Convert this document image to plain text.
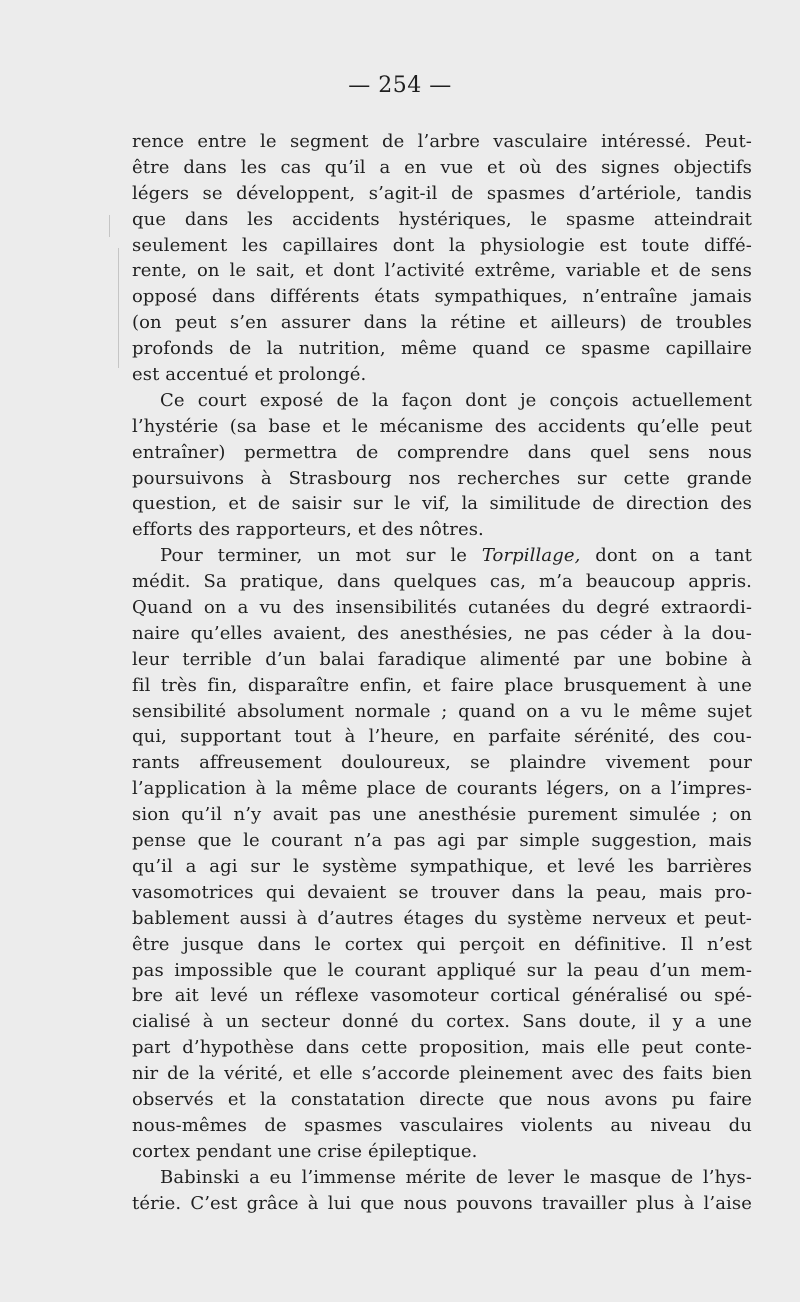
— 254 —
rence entre le segment de l’arbre vasculaire intéressé. Peut-
être dans les cas qu’il a en vue et où des signes objectifs
légers se développent, s’agit-il de spasmes d’artériole, tandis
que dans les accidents hystériques, le spasme atteindrait
seulement les capillaires dont la physiologie est toute diffé-
rente, on le sait, et dont l’activité extrême, variable et de sens
opposé dans différents états sympathiques, n’entraîne jamais
(on peut s’en assurer dans la rétine et ailleurs) de troubles
profonds de la nutrition, même quand ce spasme capillaire
est accentué et prolongé.
Ce court exposé de la façon dont je conçois actuellement
l’hystérie (sa base et le mécanisme des accidents qu’elle peut
entraîner) permettra de comprendre dans quel sens nous
poursuivons à Strasbourg nos recherches sur cette grande
question, et de saisir sur le vif, la similitude de direction des
efforts des rapporteurs, et des nôtres.
Pour terminer, un mot sur le Torpillage, dont on a tant
médit. Sa pratique, dans quelques cas, m’a beaucoup appris.
Quand on a vu des insensibilités cutanées du degré extraordi-
naire qu’elles avaient, des anesthésies, ne pas céder à la dou-
leur terrible d’un balai faradique alimenté par une bobine à
fil très fin, disparaître enfin, et faire place brusquement à une
sensibilité absolument normale ; quand on a vu le même sujet
qui, supportant tout à l’heure, en parfaite sérénité, des cou-
rants affreusement douloureux, se plaindre vivement pour
l’application à la même place de courants légers, on a l’impres-
sion qu’il n’y avait pas une anesthésie purement simulée ; on
pense que le courant n’a pas agi par simple suggestion, mais
qu’il a agi sur le système sympathique, et levé les barrières
vasomotrices qui devaient se trouver dans la peau, mais pro-
bablement aussi à d’autres étages du système nerveux et peut-
être jusque dans le cortex qui perçoit en définitive. Il n’est
pas impossible que le courant appliqué sur la peau d’un mem-
bre ait levé un réflexe vasomoteur cortical généralisé ou spé-
cialisé à un secteur donné du cortex. Sans doute, il y a une
part d’hypothèse dans cette proposition, mais elle peut conte-
nir de la vérité, et elle s’accorde pleinement avec des faits bien
observés et la constatation directe que nous avons pu faire
nous-mêmes de spasmes vasculaires violents au niveau du
cortex pendant une crise épileptique.
Babinski a eu l’immense mérite de lever le masque de l’hys-
térie. C’est grâce à lui que nous pouvons travailler plus à l’aise
